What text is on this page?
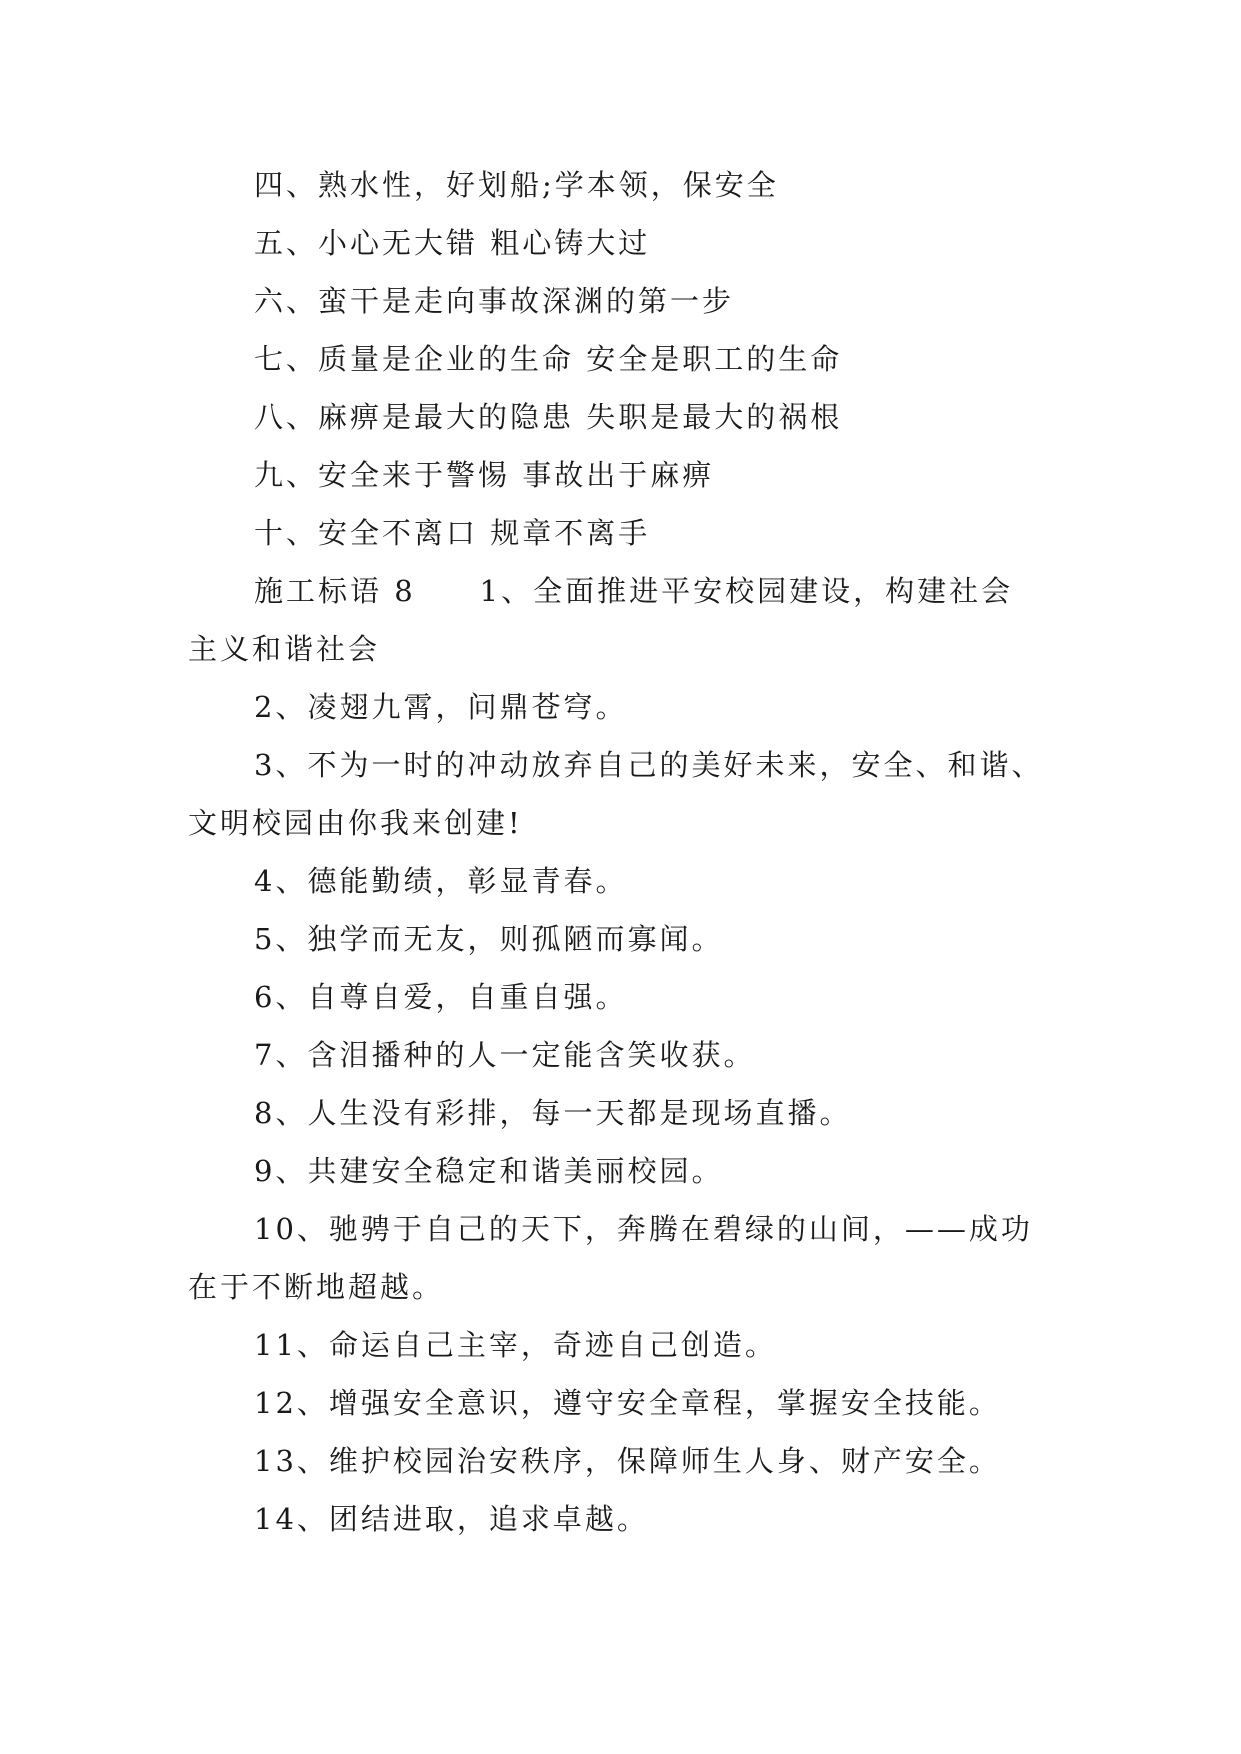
四、熟水性，好划船;学本领，保安全
五、小心无大错 粗心铸大过
六、蛮干是走向事故深渊的第一步
七、质量是企业的生命 安全是职工的生命
八、麻痹是最大的隐患 失职是最大的祸根
九、安全来于警惕 事故出于麻痹
十、安全不离口 规章不离手
施工标语 8　　1、全面推进平安校园建设，构建社会
主义和谐社会
2、凌翅九霄，问鼎苍穹。
3、不为一时的冲动放弃自己的美好未来，安全、和谐、
文明校园由你我来创建!
4、德能勤绩，彰显青春。
5、独学而无友，则孤陋而寡闻。
6、自尊自爱，自重自强。
7、含泪播种的人一定能含笑收获。
8、人生没有彩排，每一天都是现场直播。
9、共建安全稳定和谐美丽校园。
10、驰骋于自己的天下，奔腾在碧绿的山间，——成功
在于不断地超越。
11、命运自己主宰，奇迹自己创造。
12、增强安全意识，遵守安全章程，掌握安全技能。
13、维护校园治安秩序，保障师生人身、财产安全。
14、团结进取，追求卓越。
